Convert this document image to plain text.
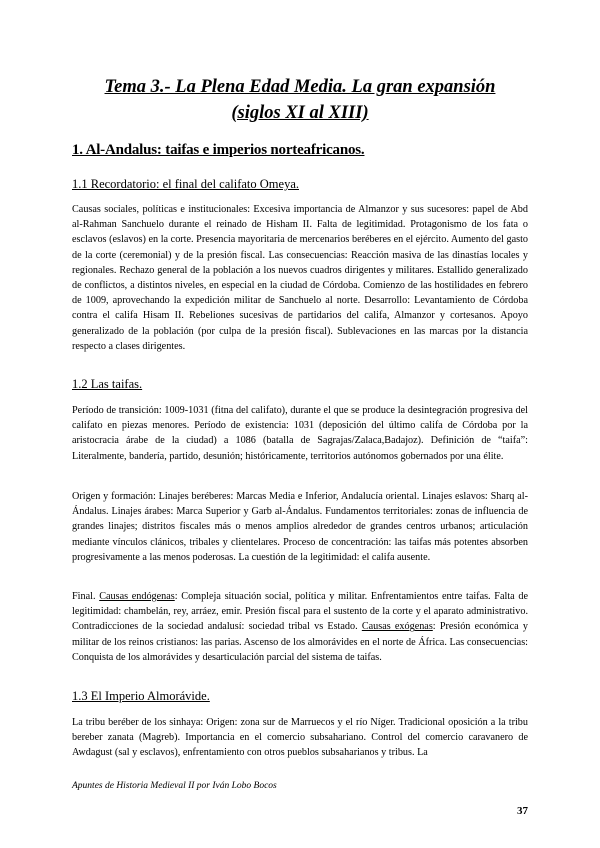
Tema 3.- La Plena Edad Media. La gran expansión
(siglos XI al XIII)
1. Al-Andalus: taifas e imperios norteafricanos.
1.1 Recordatorio: el final del califato Omeya.

Causas sociales, políticas e institucionales: Excesiva importancia de Almanzor y sus sucesores: papel de Abd al-Rahman Sanchuelo durante el reinado de Hisham II. Falta de legitimidad. Protagonismo de los fata o esclavos (eslavos) en la corte. Presencia mayoritaria de mercenarios beréberes en el ejército. Aumento del gasto de la corte (ceremonial) y de la presión fiscal. Las consecuencias: Reacción masiva de las dinastías locales y regionales. Rechazo general de la población a los nuevos cuadros dirigentes y militares. Estallido generalizado de conflictos, a distintos niveles, en especial en la ciudad de Córdoba. Comienzo de las hostilidades en febrero de 1009, aprovechando la expedición militar de Sanchuelo al norte. Desarrollo: Levantamiento de Córdoba contra el califa Hisam II. Rebeliones sucesivas de partidarios del califa, Almanzor y cortesanos. Apoyo generalizado de la población (por culpa de la presión fiscal). Sublevaciones en las marcas por la distancia respecto a clases dirigentes.

1.2 Las taifas.

Período de transición: 1009-1031 (fitna del califato), durante el que se produce la desintegración progresiva del califato en piezas menores. Período de existencia: 1031 (deposición del último califa de Córdoba por la aristocracia árabe de la ciudad) a 1086 (batalla de Sagrajas/Zalaca,Badajoz). Definición de “taifa”: Literalmente, bandería, partido, desunión; históricamente, territorios autónomos gobernados por una élite.

Origen y formación: Linajes beréberes: Marcas Media e Inferior, Andalucía oriental. Linajes eslavos: Sharq al-Ándalus. Linajes árabes: Marca Superior y Garb al-Ándalus. Fundamentos territoriales: zonas de influencia de grandes linajes; distritos fiscales más o menos amplios alrededor de grandes centros urbanos; articulación mediante vínculos clánicos, tribales y clientelares. Proceso de concentración: las taifas más potentes absorben progresivamente a las menos poderosas. La cuestión de la legitimidad: el califa ausente.

Final. Causas endógenas: Compleja situación social, política y militar. Enfrentamientos entre taifas. Falta de legitimidad: chambelán, rey, arráez, emir. Presión fiscal para el sustento de la corte y el aparato administrativo. Contradicciones de la sociedad andalusí: sociedad tribal vs Estado. Causas exógenas: Presión económica y militar de los reinos cristianos: las parias. Ascenso de los almorávides en el norte de África. Las consecuencias: Conquista de los almorávides y desarticulación parcial del sistema de taifas.

1.3 El Imperio Almorávide.

La tribu beréber de los sinhaya: Origen: zona sur de Marruecos y el río Níger. Tradicional oposición a la tribu bereber zanata (Magreb). Importancia en el comercio subsahariano. Control del comercio caravanero de Awdagust (sal y esclavos), enfrentamiento con otros pueblos subsaharianos y tribus. La

Apuntes de Historia Medieval II por Iván Lobo Bocos
37
